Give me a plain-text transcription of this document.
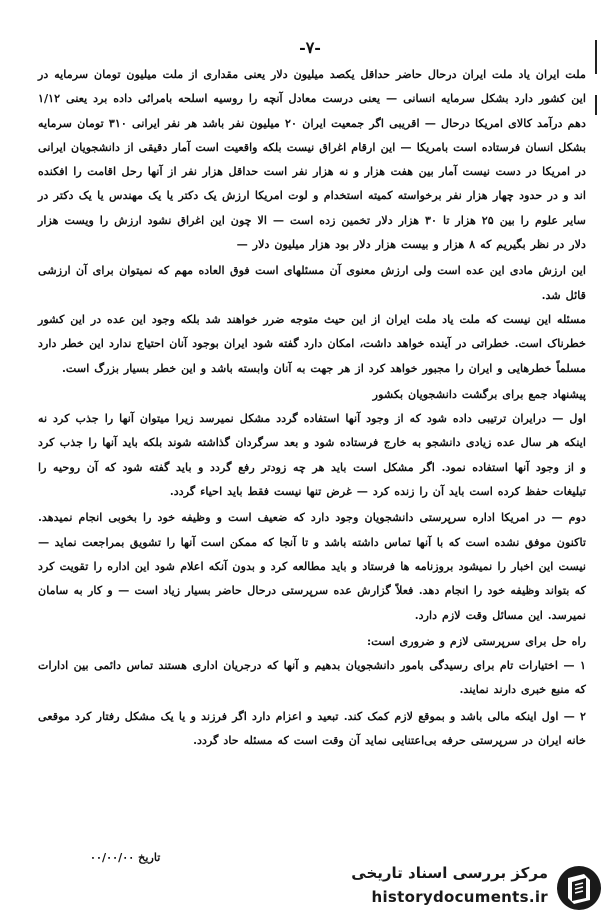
-۷-

ملت ایران یاد ملت ایران درحال حاضر حداقل یکصد میلیون دلار یعنی مقداری از ملت میلیون تومان سرمایه در این کشور دارد بشکل سرمایه انسانی — یعنی درست معادل آنچه را روسیه اسلحه بامرائی داده برد یعنی ۱/۱۲ دهم درآمد کالای امریکا درحال — اقریبی اگر جمعیت ایران ۲۰ میلیون نفر باشد هر نفر ایرانی ۳۱۰ تومان سرمایه بشکل انسان فرستاده است بامریکا — این ارقام اغراق نیست بلکه واقعیت است آمار دقیقی از دانشجویان ایرانی در امریکا در دست نیست آمار بین هفت هزار و نه هزار نفر است حداقل هزار نفر از آنها رحل اقامت را افکنده اند و در حدود چهار هزار نفر برخواسته کمیته استخدام و لوت امریکا ارزش یک دکتر یا یک مهندس یا یک دکتر در سایر علوم را بین ۲۵ هزار تا ۳۰ هزار دلار تخمین زده است — الا چون این اغراق نشود ارزش را ویست هزار دلار در نظر بگیریم که ۸ هزار و بیست هزار دلار بود هزار میلیون دلار —

این ارزش مادی این عده است ولی ارزش معنوی آن مسئلهای است فوق العاده مهم که نمیتوان برای آن ارزشی قائل شد.

مسئله این نیست که ملت یاد ملت ایران از این حیث متوجه ضرر خواهند شد بلکه وجود این عده در این کشور خطرناک است. خطراتی در آینده خواهد داشت، امکان دارد گفته شود ایران بوجود آنان احتیاج ندارد این خطر دارد مسلماً خطرهایی و ایران را مجبور خواهد کرد از هر جهت به آنان وابسته باشد و این خطر بسیار بزرگ است.

پیشنهاد جمع برای برگشت دانشجویان بکشور

اول — درایران ترتیبی داده شود که از وجود آنها استفاده گردد مشکل نمیرسد زیرا میتوان آنها را جذب کرد نه اینکه هر سال عده زیادی دانشجو به خارج فرستاده شود و بعد سرگردان گذاشته شوند بلکه باید آنها را جذب کرد و از وجود آنها استفاده نمود. اگر مشکل است باید هر چه زودتر رفع گردد و باید گفته شود که آن روحیه را تبلیغات حفظ کرده است باید آن را زنده کرد — غرض تنها نیست فقط باید احیاء گردد.

دوم — در امریکا اداره سرپرستی دانشجویان وجود دارد که ضعیف است و وظیفه خود را بخوبی انجام نمیدهد. تاکنون موفق نشده است که با آنها تماس داشته باشد و تا آنجا که ممکن است آنها را تشویق بمراجعت نماید — نیست این اخبار را نمیشود بروزنامه ها فرستاد و باید مطالعه کرد و بدون آنکه اعلام شود این اداره را تقویت کرد که بتواند وظیفه خود را انجام دهد. فعلاً گزارش عده سرپرستی درحال حاضر بسیار زیاد است — و کار به سامان نمیرسد. این مسائل وقت لازم دارد.

راه حل برای سرپرستی لازم و ضروری است:

۱ — اختیارات تام برای رسیدگی بامور دانشجویان بدهیم و آنها که درجریان اداری هستند تماس دائمی بین ادارات که منبع خبری دارند نمایند.

۲ — اول اینکه مالی باشد و بموقع لازم کمک کند. تبعید و اعزام دارد اگر فرزند و یا یک مشکل رفتار کرد موقعی خانه ایران در سرپرستی حرفه بی‌اعتنایی نماید آن وقت است که مسئله حاد گردد.

تاریخ ۰۰/۰۰/۰۰
مرکز بررسی اسناد تاریخی
historydocuments.ir
